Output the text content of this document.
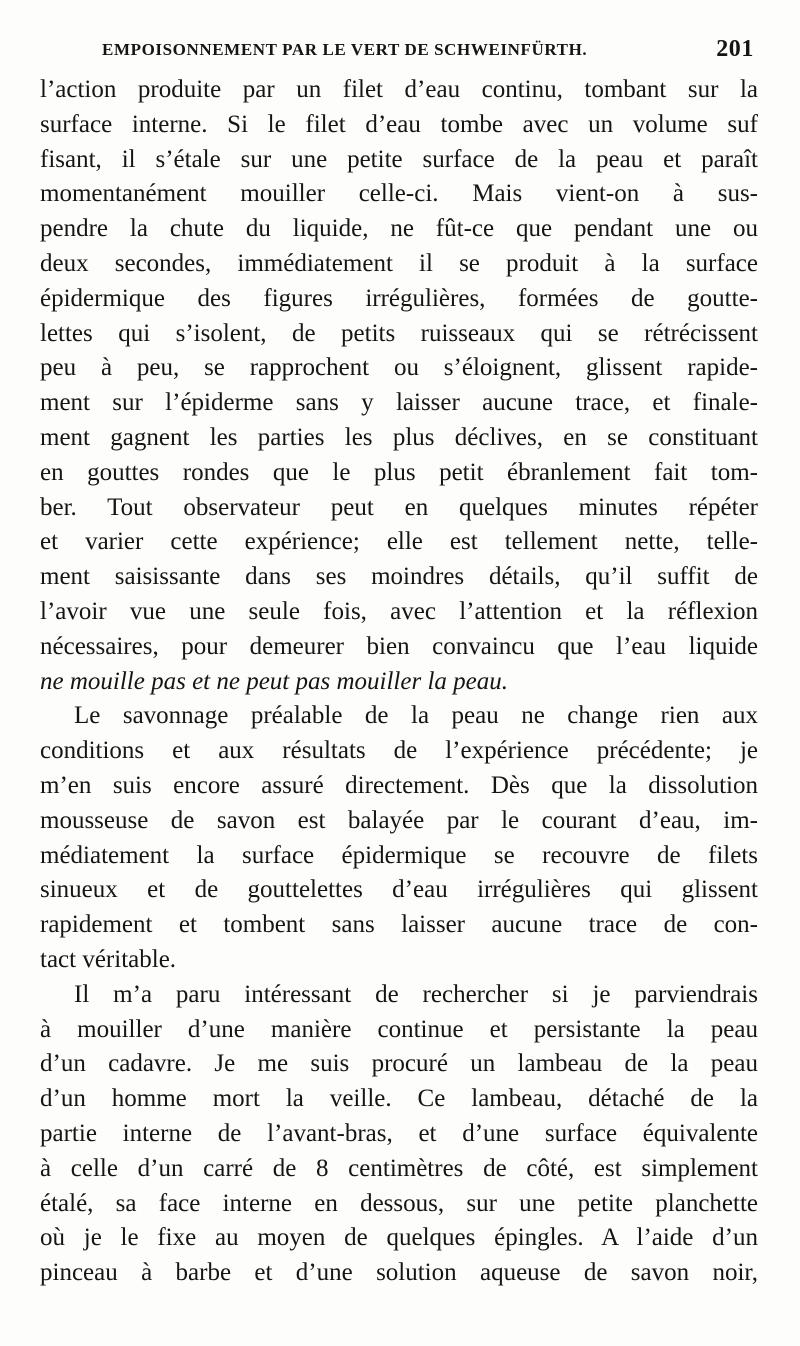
EMPOISONNEMENT PAR LE VERT DE SCHWEINFÜRTH.	201
l’action produite par un filet d’eau continu, tombant sur la
surface interne. Si le filet d’eau tombe avec un volume suf
fisant, il s’étale sur une petite surface de la peau et paraît
momentanément mouiller celle-ci. Mais vient-on à sus-
pendre la chute du liquide, ne fût-ce que pendant une ou
deux secondes, immédiatement il se produit à la surface
épidermique des figures irrégulières, formées de goutte-
lettes qui s’isolent, de petits ruisseaux qui se rétrécissent
peu à peu, se rapprochent ou s’éloignent, glissent rapide-
ment sur l’épiderme sans y laisser aucune trace, et finale-
ment gagnent les parties les plus déclives, en se constituant
en gouttes rondes que le plus petit ébranlement fait tom-
ber. Tout observateur peut en quelques minutes répéter
et varier cette expérience; elle est tellement nette, telle-
ment saisissante dans ses moindres détails, qu’il suffit de
l’avoir vue une seule fois, avec l’attention et la réflexion
nécessaires, pour demeurer bien convaincu que l’eau liquide
ne mouille pas et ne peut pas mouiller la peau.
Le savonnage préalable de la peau ne change rien aux
conditions et aux résultats de l’expérience précédente; je
m’en suis encore assuré directement. Dès que la dissolution
mousseuse de savon est balayée par le courant d’eau, im-
médiatement la surface épidermique se recouvre de filets
sinueux et de gouttelettes d’eau irrégulières qui glissent
rapidement et tombent sans laisser aucune trace de con-
tact véritable.
Il m’a paru intéressant de rechercher si je parviendrais
à mouiller d’une manière continue et persistante la peau
d’un cadavre. Je me suis procuré un lambeau de la peau
d’un homme mort la veille. Ce lambeau, détaché de la
partie interne de l’avant-bras, et d’une surface équivalente
à celle d’un carré de 8 centimètres de côté, est simplement
étalé, sa face interne en dessous, sur une petite planchette
où je le fixe au moyen de quelques épingles. A l’aide d’un
pinceau à barbe et d’une solution aqueuse de savon noir,
